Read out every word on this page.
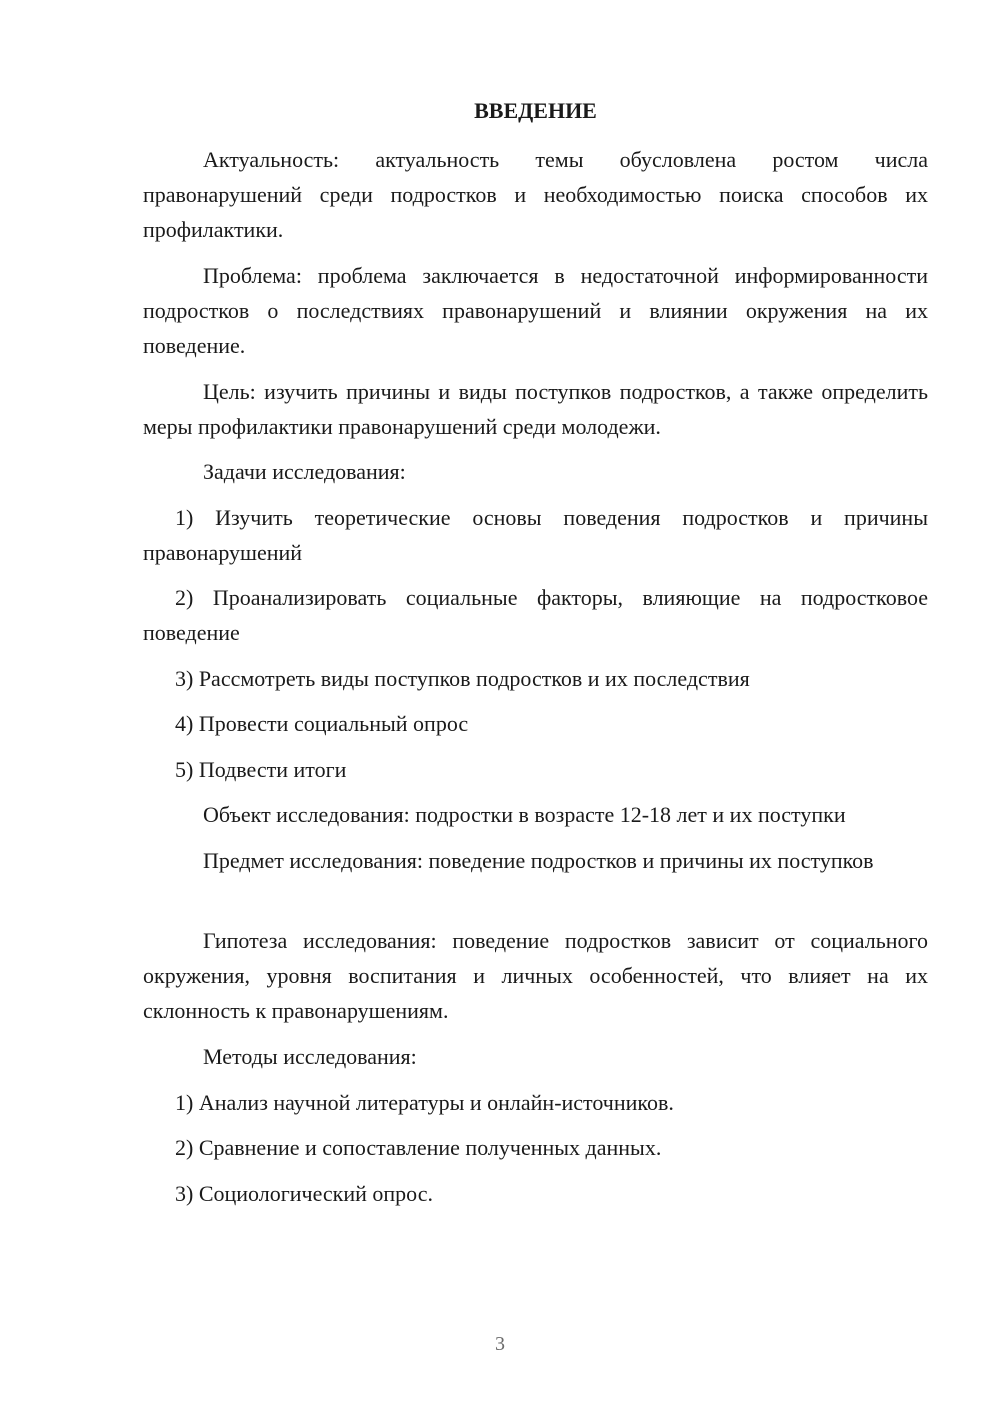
ВВЕДЕНИЕ

Актуальность: актуальность темы обусловлена ростом числа правонарушений среди подростков и необходимостью поиска способов их профилактики.

Проблема: проблема заключается в недостаточной информированности подростков о последствиях правонарушений и влиянии окружения на их поведение.

Цель: изучить причины и виды поступков подростков, а также определить меры профилактики правонарушений среди молодежи.

Задачи исследования:

1) Изучить теоретические основы поведения подростков и причины правонарушений

2) Проанализировать социальные факторы, влияющие на подростковое поведение

3) Рассмотреть виды поступков подростков и их последствия

4) Провести социальный опрос

5) Подвести итоги

Объект исследования: подростки в возрасте 12-18 лет и их поступки

Предмет исследования: поведение подростков и причины их поступков

Гипотеза исследования: поведение подростков зависит от социального окружения, уровня воспитания и личных особенностей, что влияет на их склонность к правонарушениям.

Методы исследования:

1) Анализ научной литературы и онлайн-источников.

2) Сравнение и сопоставление полученных данных.

3) Социологический опрос.

3
